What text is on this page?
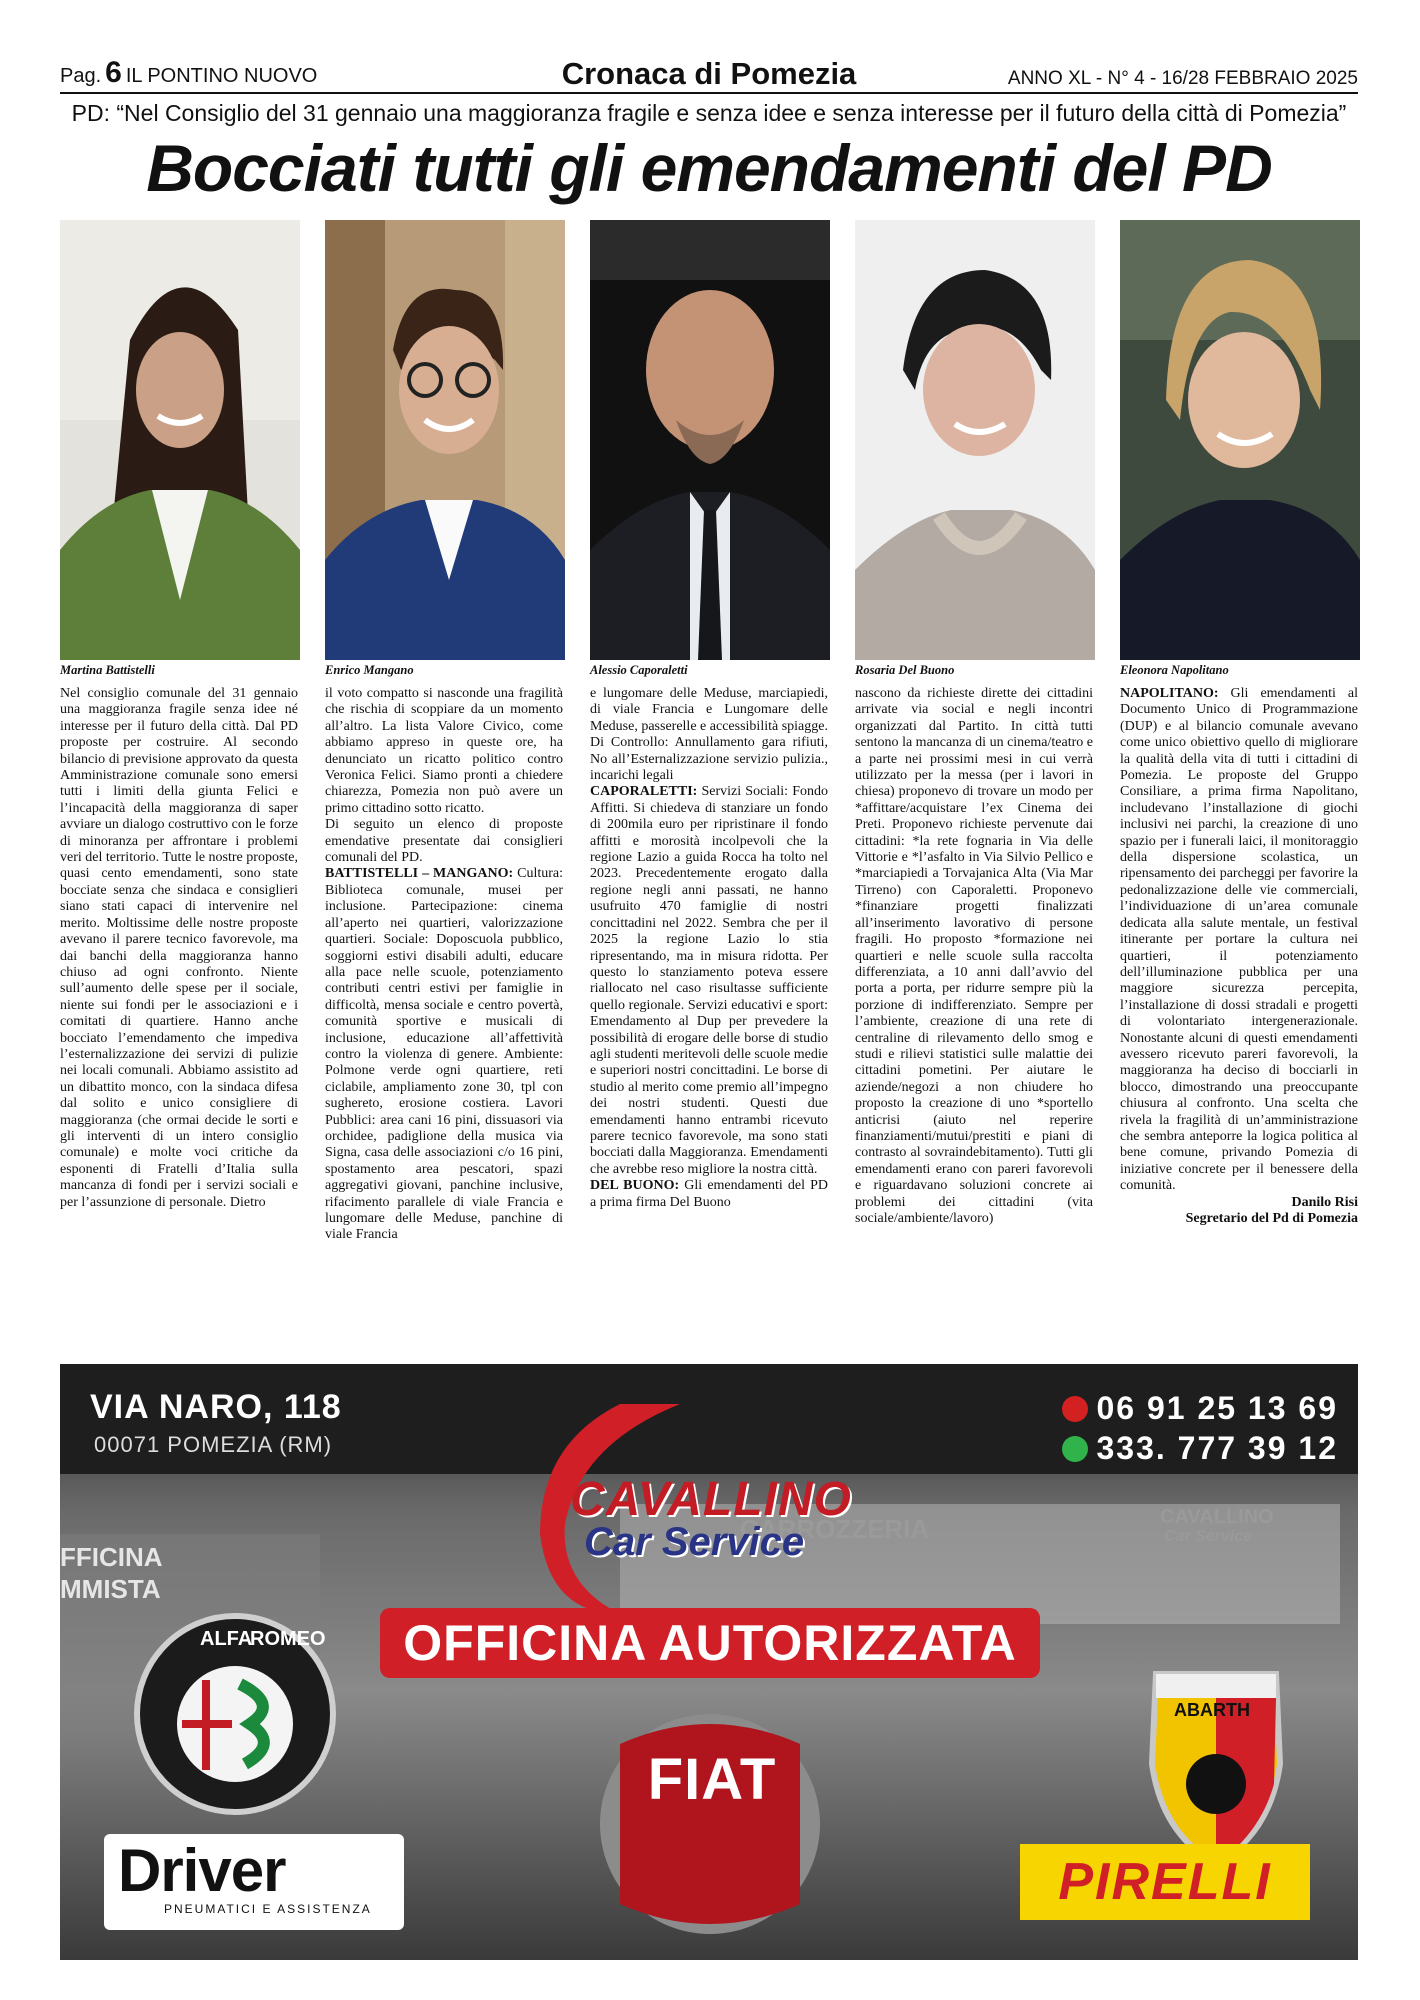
Pag. 6 IL PONTINO NUOVO	Cronaca di Pomezia	ANNO XL - N° 4 - 16/28 FEBBRAIO 2025
PD: “Nel Consiglio del 31 gennaio una maggioranza fragile e senza idee e senza interesse per il futuro della città di Pomezia”
Bocciati tutti gli emendamenti del PD
Martina Battistelli	Enrico Mangano	Alessio Caporaletti	Rosaria Del Buono	Eleonora Napolitano

Nel consiglio comunale del 31 gennaio una maggioranza fragile senza idee né interesse per il futuro della città. Dal PD proposte per costruire. Al secondo bilancio di previsione approvato da questa Amministrazione comunale sono emersi tutti i limiti della giunta Felici e l’incapacità della maggioranza di saper avviare un dialogo costruttivo con le forze di minoranza per affrontare i problemi veri del territorio. Tutte le nostre proposte, quasi cento emendamenti, sono state bocciate senza che sindaca e consiglieri siano stati capaci di intervenire nel merito. Moltissime delle nostre proposte avevano il parere tecnico favorevole, ma dai banchi della maggioranza hanno chiuso ad ogni confronto. Niente sull’aumento delle spese per il sociale, niente sui fondi per le associazioni e i comitati di quartiere. Hanno anche bocciato l’emendamento che impediva l’esternalizzazione dei servizi di pulizie nei locali comunali. Abbiamo assistito ad un dibattito monco, con la sindaca difesa dal solito e unico consigliere di maggioranza (che ormai decide le sorti e gli interventi di un intero consiglio comunale) e molte voci critiche da esponenti di Fratelli d’Italia sulla mancanza di fondi per i servizi sociali e per l’assunzione di personale. Dietro

il voto compatto si nasconde una fragilità che rischia di scoppiare da un momento all’altro. La lista Valore Civico, come abbiamo appreso in queste ore, ha denunciato un ricatto politico contro Veronica Felici. Siamo pronti a chiedere chiarezza, Pomezia non può avere un primo cittadino sotto ricatto.

Di seguito un elenco di proposte emendative presentate dai consiglieri comunali del PD.

BATTISTELLI – MANGANO: Cultura: Biblioteca comunale, musei per inclusione. Partecipazione: cinema all’aperto nei quartieri, valorizzazione quartieri. Sociale: Doposcuola pubblico, soggiorni estivi disabili adulti, educare alla pace nelle scuole, potenziamento contributi centri estivi per famiglie in difficoltà, mensa sociale e centro povertà, comunità sportive e musicali di inclusione, educazione all’affettività contro la violenza di genere. Ambiente: Polmone verde ogni quartiere, reti ciclabile, ampliamento zone 30, tpl con sughereto, erosione costiera. Lavori Pubblici: area cani 16 pini, dissuasori via orchidee, padiglione della musica via Signa, casa delle associazioni c/o 16 pini, spostamento area pescatori, spazi aggregativi giovani, panchine inclusive, rifacimento parallele di viale Francia e lungomare delle Meduse, panchine di viale Francia

e lungomare delle Meduse, marciapiedi, di viale Francia e Lungomare delle Meduse, passerelle e accessibilità spiagge. Di Controllo: Annullamento gara rifiuti, No all’Esternalizzazione servizio pulizia., incarichi legali

CAPORALETTI: Servizi Sociali: Fondo Affitti. Si chiedeva di stanziare un fondo di 200mila euro per ripristinare il fondo affitti e morosità incolpevoli che la regione Lazio a guida Rocca ha tolto nel 2023. Precedentemente erogato dalla regione negli anni passati, ne hanno usufruito 470 famiglie di nostri concittadini nel 2022. Sembra che per il 2025 la regione Lazio lo stia ripresentando, ma in misura ridotta. Per questo lo stanziamento poteva essere riallocato nel caso risultasse sufficiente quello regionale. Servizi educativi e sport: Emendamento al Dup per prevedere la possibilità di erogare delle borse di studio agli studenti meritevoli delle scuole medie e superiori nostri concittadini. Le borse di studio al merito come premio all’impegno dei nostri studenti. Questi due emendamenti hanno entrambi ricevuto parere tecnico favorevole, ma sono stati bocciati dalla Maggioranza. Emendamenti che avrebbe reso migliore la nostra città.

DEL BUONO: Gli emendamenti del PD a prima firma Del Buono

nascono da richieste dirette dei cittadini arrivate via social e negli incontri organizzati dal Partito. In città tutti sentono la mancanza di un cinema/teatro e a parte nei prossimi mesi in cui verrà utilizzato per la messa (per i lavori in chiesa) proponevo di trovare un modo per *affittare/acquistare l’ex Cinema dei Preti. Proponevo richieste pervenute dai cittadini: *la rete fognaria in Via delle Vittorie e *l’asfalto in Via Silvio Pellico e *marciapiedi a Torvajanica Alta (Via Mar Tirreno) con Caporaletti. Proponevo *finanziare progetti finalizzati all’inserimento lavorativo di persone fragili. Ho proposto *formazione nei quartieri e nelle scuole sulla raccolta differenziata, a 10 anni dall’avvio del porta a porta, per ridurre sempre più la porzione di indifferenziato. Sempre per l’ambiente, creazione di una rete di centraline di rilevamento dello smog e studi e rilievi statistici sulle malattie dei cittadini pometini. Per aiutare le aziende/negozi a non chiudere ho proposto la creazione di uno *sportello anticrisi (aiuto nel reperire finanziamenti/mutui/prestiti e piani di contrasto al sovraindebitamento). Tutti gli emendamenti erano con pareri favorevoli e riguardavano soluzioni concrete ai problemi dei cittadini (vita sociale/ambiente/lavoro)

NAPOLITANO: Gli emendamenti al Documento Unico di Programmazione (DUP) e al bilancio comunale avevano come unico obiettivo quello di migliorare la qualità della vita di tutti i cittadini di Pomezia. Le proposte del Gruppo Consiliare, a prima firma Napolitano, includevano l’installazione di giochi inclusivi nei parchi, la creazione di uno spazio per i funerali laici, il monitoraggio della dispersione scolastica, un ripensamento dei parcheggi per favorire la pedonalizzazione delle vie commerciali, l’individuazione di un’area comunale dedicata alla salute mentale, un festival itinerante per portare la cultura nei quartieri, il potenziamento dell’illuminazione pubblica per una maggiore sicurezza percepita, l’installazione di dossi stradali e progetti di volontariato intergenerazionale. Nonostante alcuni di questi emendamenti avessero ricevuto pareri favorevoli, la maggioranza ha deciso di bocciarli in blocco, dimostrando una preoccupante chiusura al confronto. Una scelta che rivela la fragilità di un’amministrazione che sembra anteporre la logica politica al bene comune, privando Pomezia di iniziative concrete per il benessere della comunità.

Danilo Risi

Segretario del Pd di Pomezia

CARROZZERIA	CAVALLINO
Car Service
FFICINA
MMISTA
VIA NARO, 118
00071 POMEZIA (RM)
06 91 25 13 69
333. 777 39 12
CAVALLINO
Car Service
OFFICINA AUTORIZZATA
ALFA
ROMEO
FIAT
ABARTH
Driver
PNEUMATICI E ASSISTENZA	PIRELLI
